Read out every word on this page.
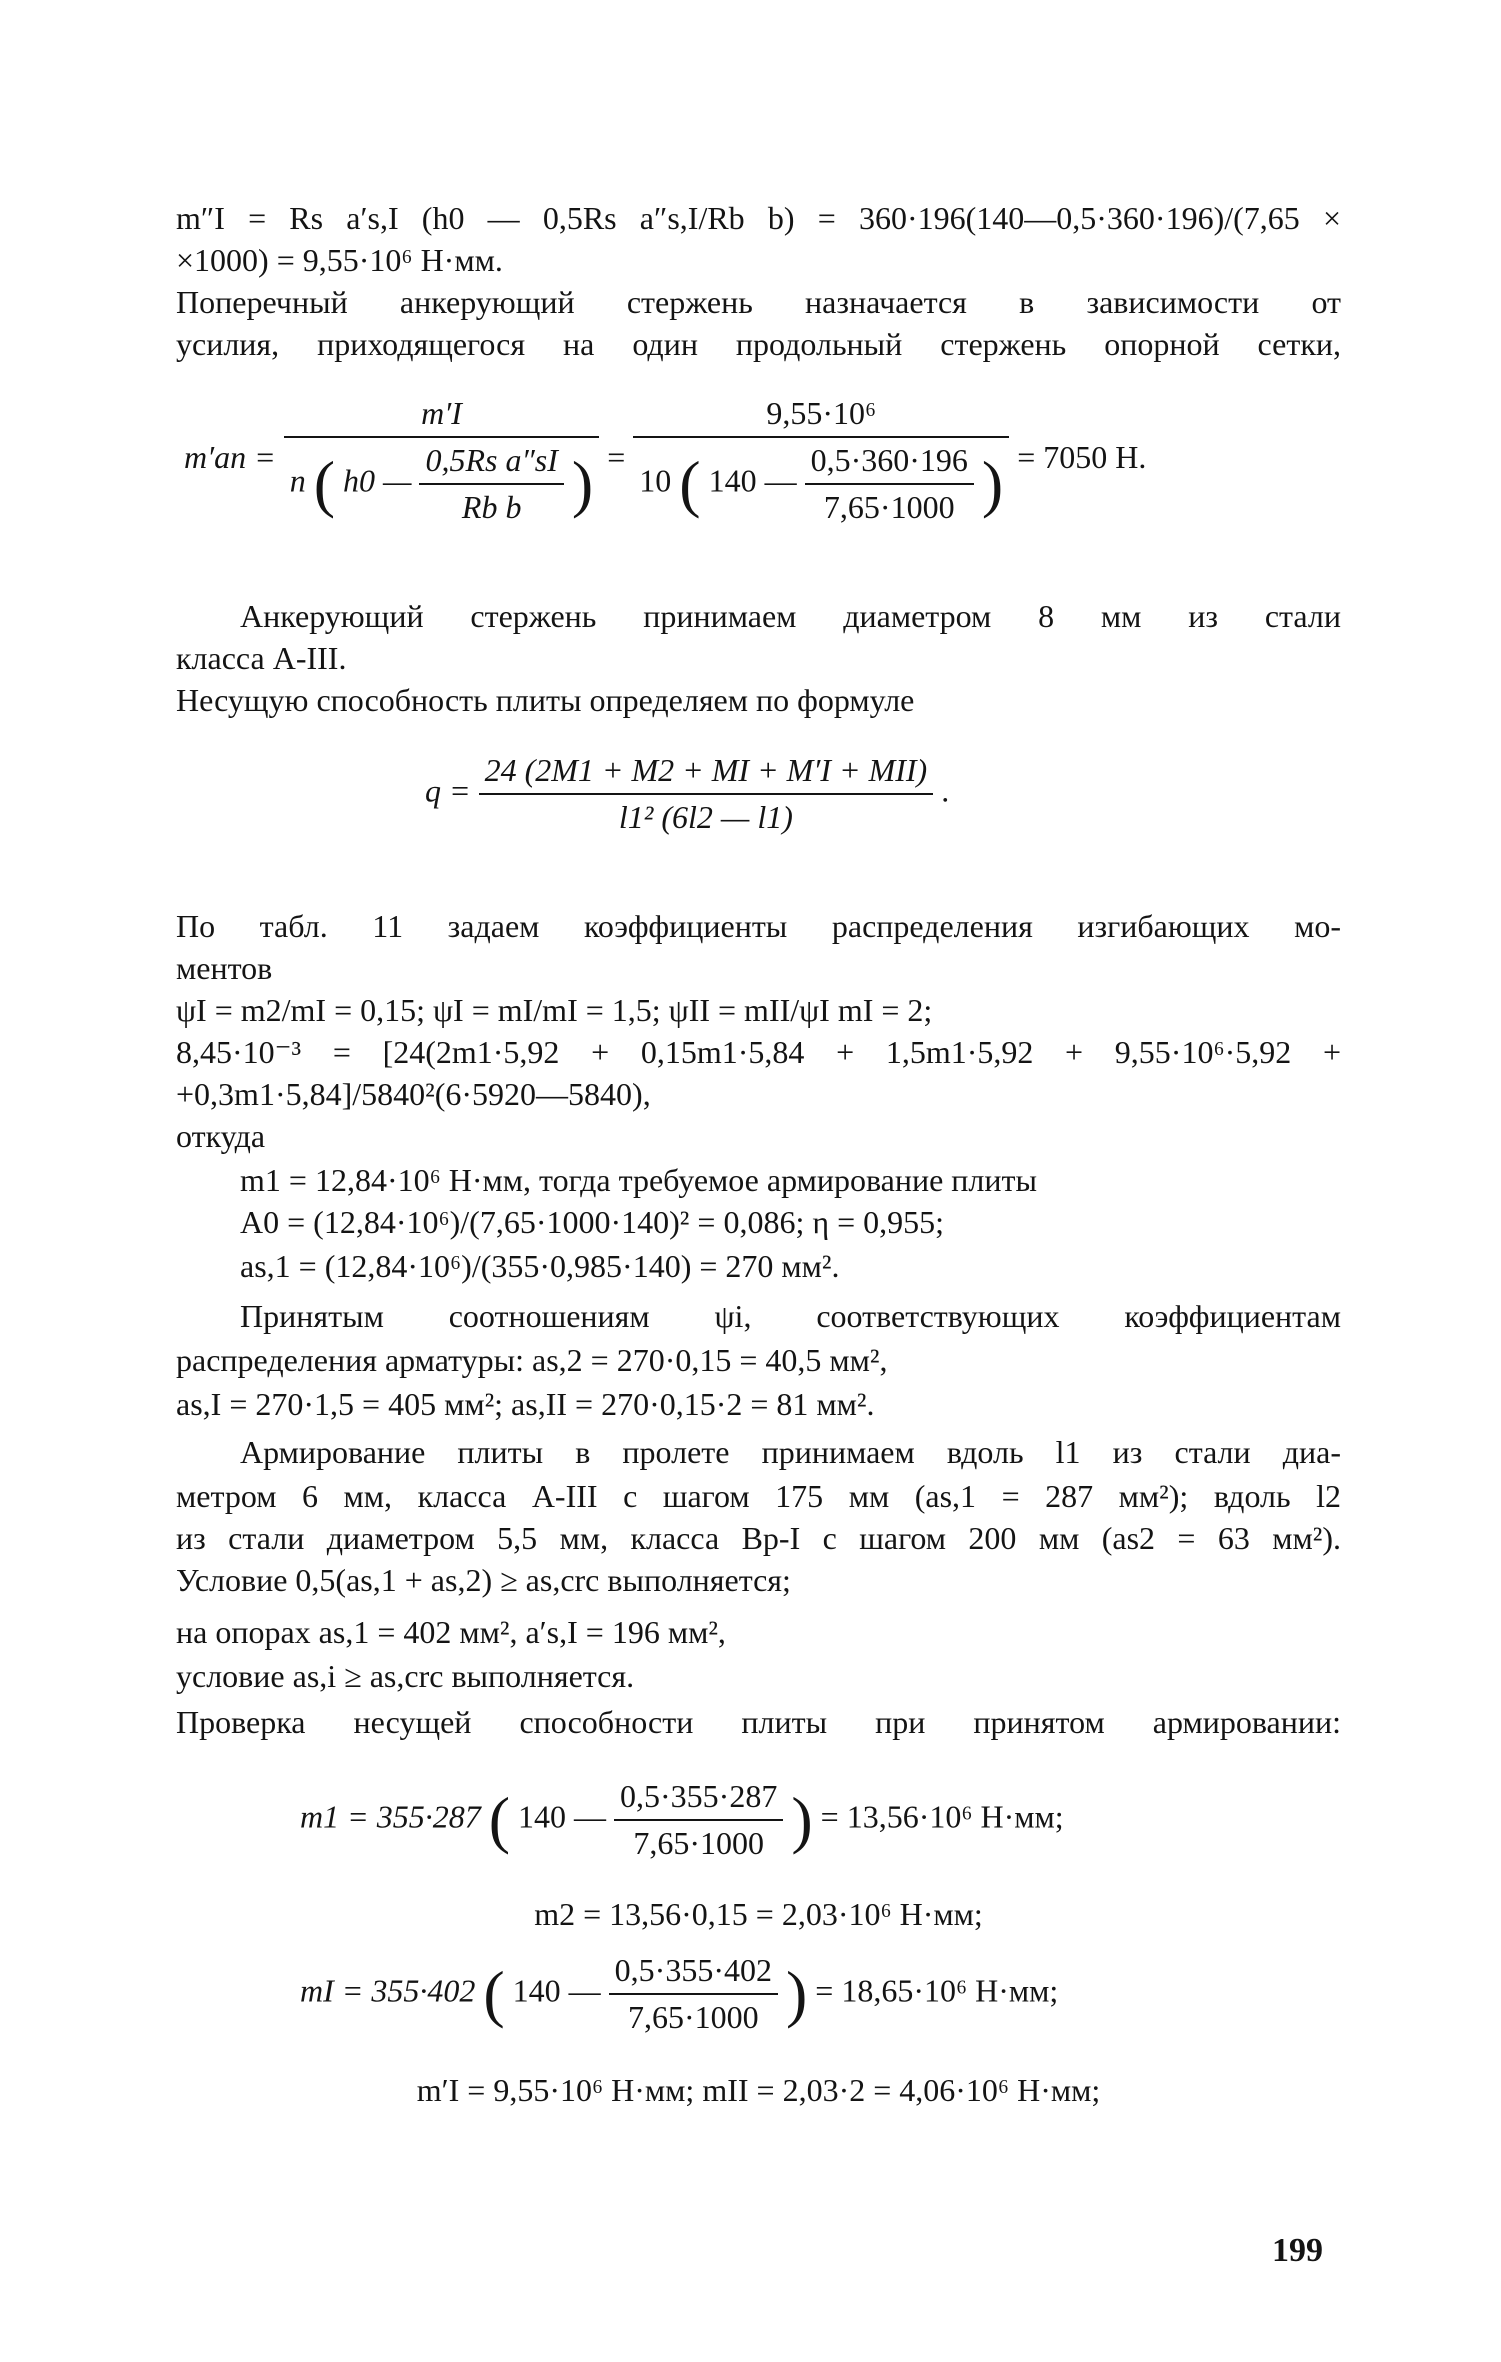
m″I = Rs a′s,I (h0 — 0,5Rs a″s,I/Rb b) = 360·196(140—0,5·360·196)/(7,65 ×
×1000) = 9,55·10⁶ H·мм.
Поперечный анкерующий стержень назначается в зависимости от
усилия, приходящегося на один продольный стержень опорной сетки,
m′an =
m′I
n ( h0 — $\frac{\text{0,5Rs a″sI}}{\text{Rb b}}$ ) =
9,55·10⁶
10 ( 140 — $\frac{0,5\cdot 360\cdot 196}{7,65\cdot 1000}$ ) = 7050 H.
Анкерующий стержень принимаем диаметром 8 мм из стали
класса A-III.
Несущую способность плиты определяем по формуле
$q = \frac{\text{24 (2M1 + M2 + MI + M′I + MII)}}{\text{l1² (6l2 — l1)}}$ .
По табл. 11 задаем коэффициенты распределения изгибающих мо-
ментов
ψI = m2/mI = 0,15; ψI = mI/mI = 1,5; ψII = mII/ψI mI = 2;
8,45·10⁻³ = [24(2m1·5,92 + 0,15m1·5,84 + 1,5m1·5,92 + 9,55·10⁶·5,92 +
+0,3m1·5,84]/5840²(6·5920—5840),
откуда
m1 = 12,84·10⁶ H·мм, тогда требуемое армирование плиты
A0 = (12,84·10⁶)/(7,65·1000·140)² = 0,086; η = 0,955;
as,1 = (12,84·10⁶)/(355·0,985·140) = 270 мм².
Принятым соотношениям ψi, соответствующих коэффициентам
распределения арматуры: as,2 = 270·0,15 = 40,5 мм²,
as,I = 270·1,5 = 405 мм²; as,II = 270·0,15·2 = 81 мм².
Армирование плиты в пролете принимаем вдоль l1 из стали диа-
метром 6 мм, класса A-III с шагом 175 мм (as,1 = 287 мм²); вдоль l2
из стали диаметром 5,5 мм, класса Bp-I с шагом 200 мм (as2 = 63 мм²).
Условие 0,5(as,1 + as,2) ≥ as,crc выполняется;
на опорах as,1 = 402 мм², a′s,I = 196 мм²,
условие as,i ≥ as,crc выполняется.
Проверка несущей способности плиты при принятом армировании:
m1 = 355·287 ( 140 — $\frac{0,5\cdot 355\cdot 287}{7,65\cdot 1000}$ ) = 13,56·10⁶ H·мм;
m2 = 13,56·0,15 = 2,03·10⁶ H·мм;
mI = 355·402 ( 140 — $\frac{0,5\cdot 355\cdot 402}{7,65\cdot 1000}$ ) = 18,65·10⁶ H·мм;
m′I = 9,55·10⁶ H·мм; mII = 2,03·2 = 4,06·10⁶ H·мм;
199
